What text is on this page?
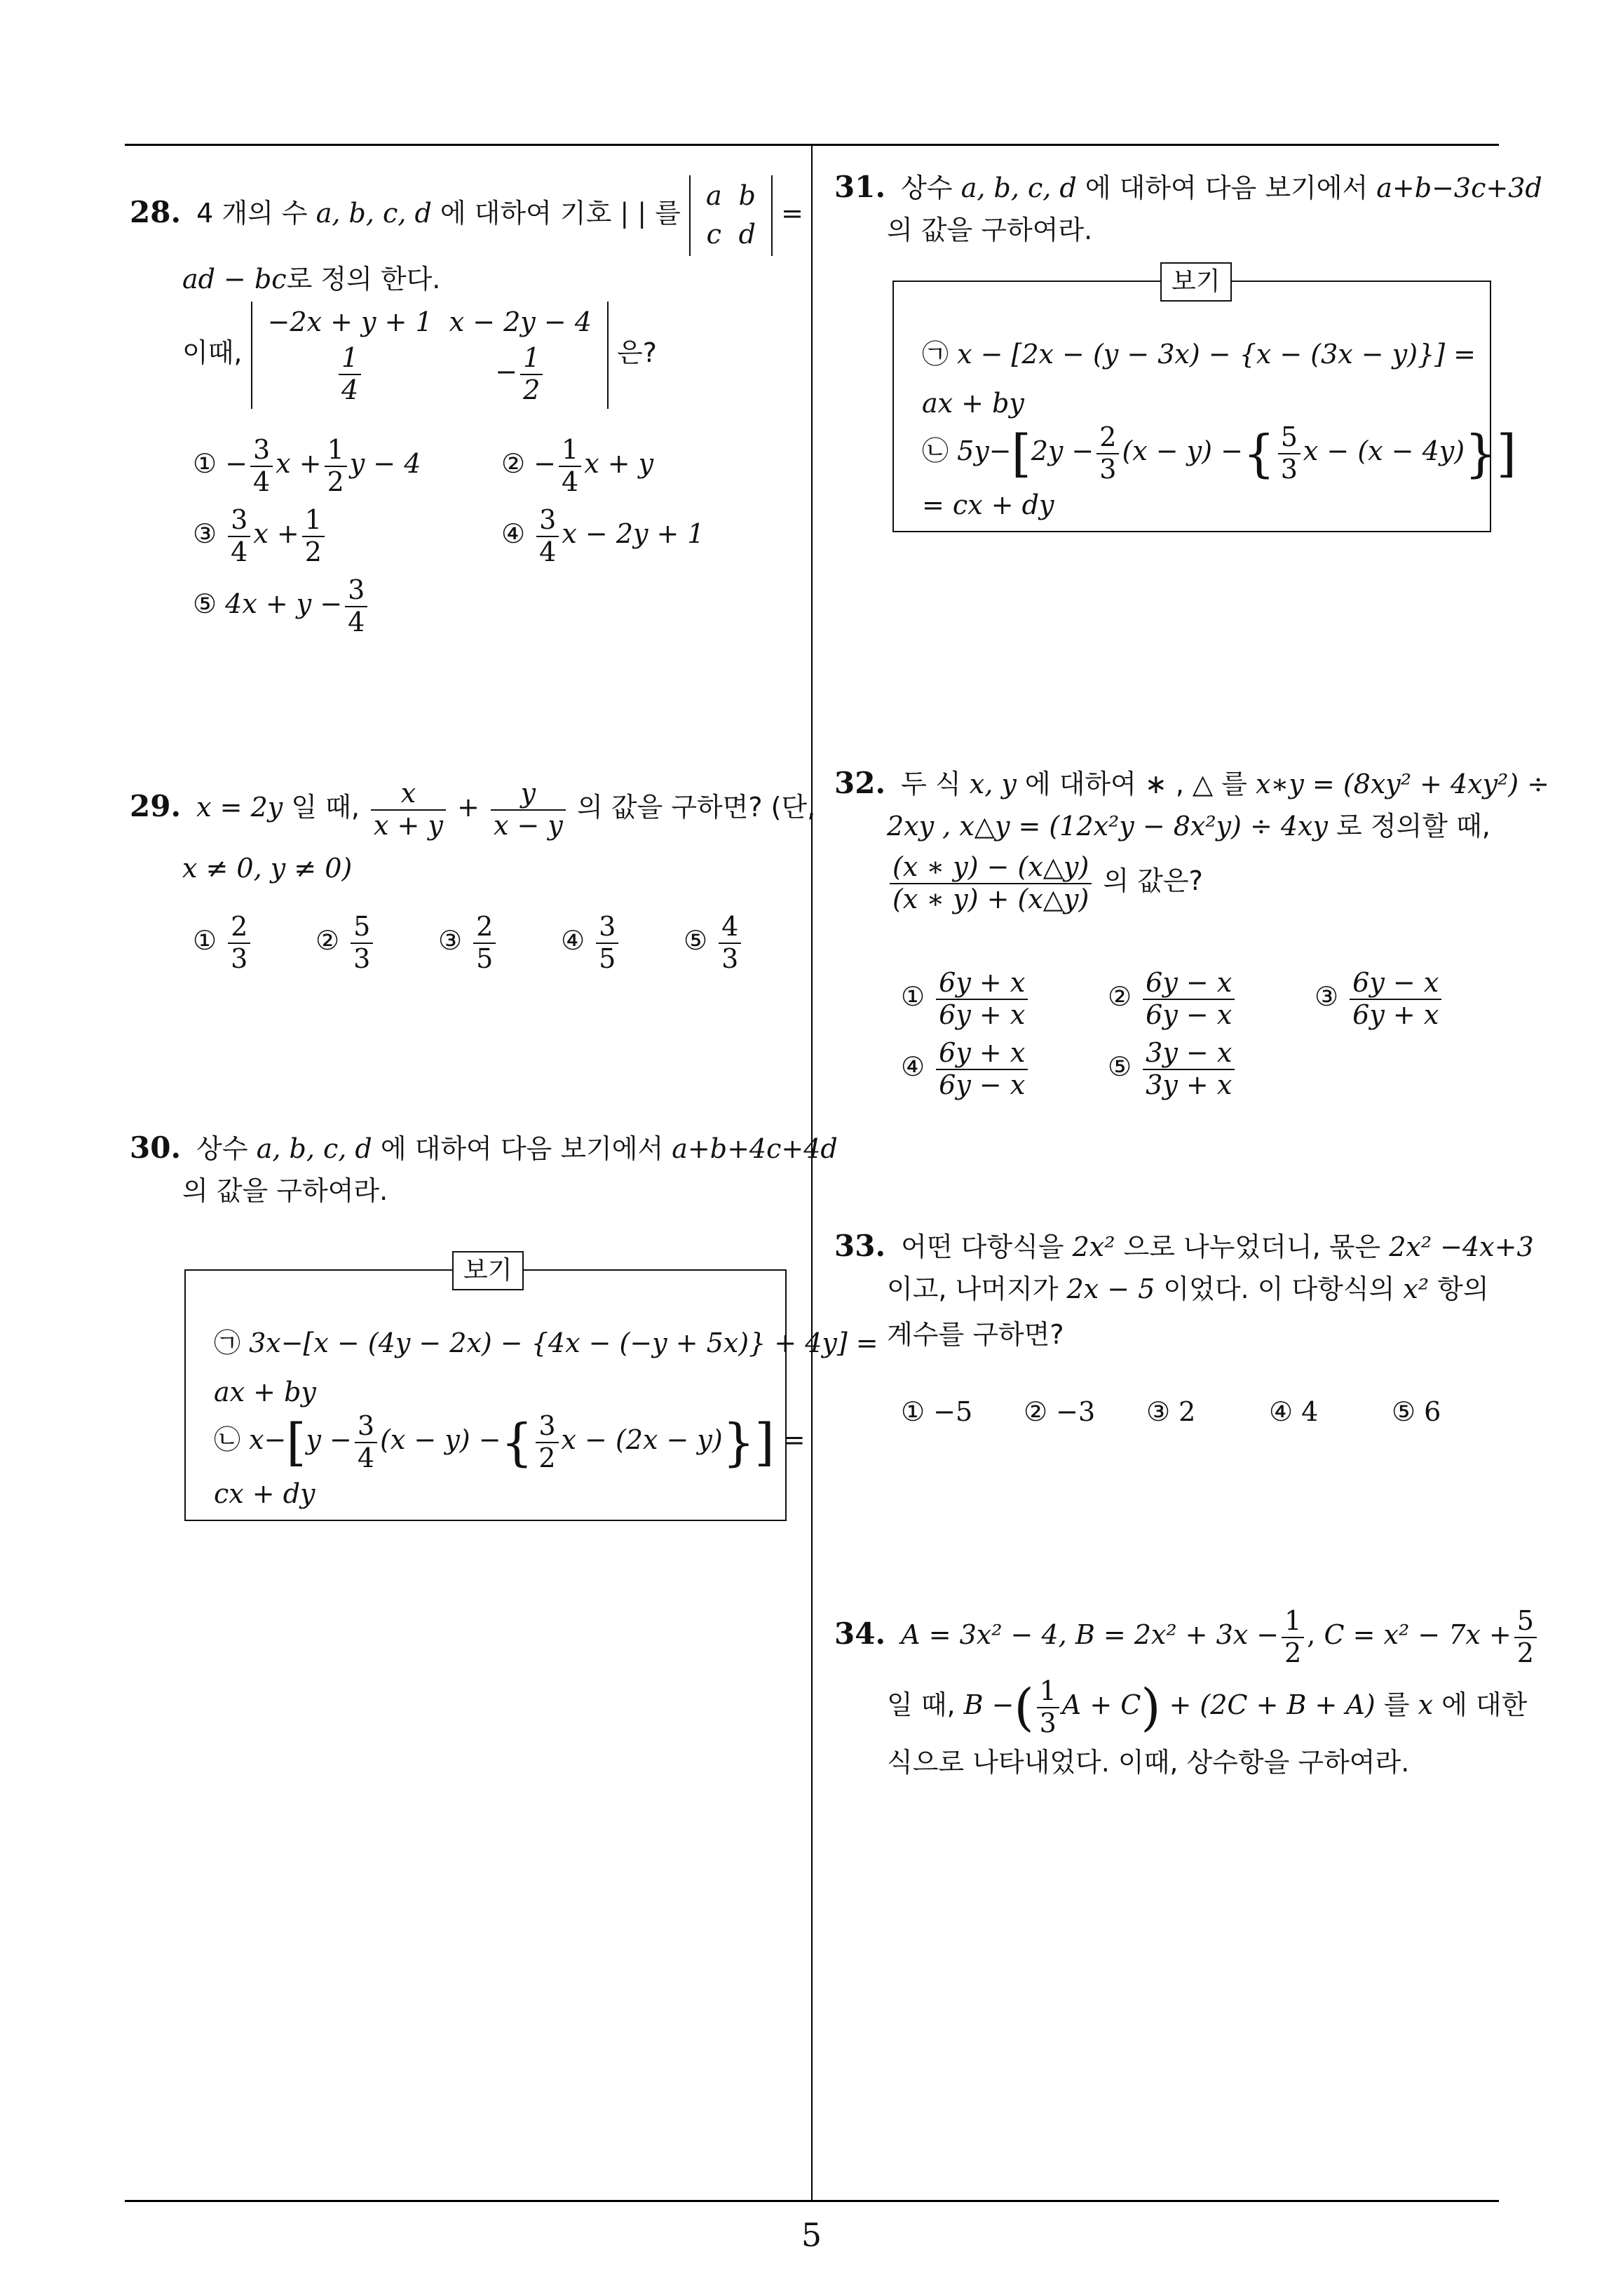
5
28. 4 개의 수 a, b, c, d 에 대하여 기호 | | 를
a	b
c	d
=
ad − bc로 정의 한다.
이때,
−2x + y + 1	x − 2y − 4

$\frac{1}{4}$	− $\frac{1}{2}$	은?
① − $\frac{3}{4}$ $x + \frac{1}{2}$ y − 4	② − $\frac{1}{4}$ x + y
③ $\frac{3}{4}$ $x + \frac{1}{2}$	④ $\frac{3}{4}$ x − 2y + 1
⑤ $4x + y - \frac{3}{4}$
29. x = 2y 일 때, $\frac{x}{x + y} + \frac{y}{x - y}$ 의 값을 구하면? (단,
x ≠ 0, y ≠ 0)
① $\frac{2}{3}$ ② $\frac{5}{3}$ ③ $\frac{2}{5}$ ④ $\frac{3}{5}$ ⑤ $\frac{4}{3}$
30. 상수 a, b, c, d 에 대하여 다음 보기에서 a+b+4c+4d
의 값을 구하여라.
보기
㉠ 3x−[x − (4y − 2x) − {4x − (−y + 5x)} + 4y] =
ax + by
㉡ $x-[y - \frac{3}{4} (x - y)$ −{ $\frac{3}{2}$ x − (2x − y)}] =
cx + dy
31. 상수 a, b, c, d 에 대하여 다음 보기에서 a+b−3c+3d
의 값을 구하여라.
보기
㉠ x − [2x − (y − 3x) − {x − (3x − y)}] =
ax + by
㉡ $5y-[2y - \frac{2}{3} (x - y)$ −{ $\frac{5}{3}$ x − (x − 4y)}]
= cx + dy
32. 두 식 x, y 에 대하여 ∗ , △ 를 x∗y = (8xy² + 4xy²) ÷
2xy , x△y = (12x²y − 8x²y) ÷ 4xy 로 정의할 때,
$\frac{(x ∗ y) - (x\triangle y)}{(x ∗ y) + (x\triangle y)}$ 의 값은?
① $\frac{6y + x}{6y + x}$	② $\frac{6y - x}{6y - x}$	③ $\frac{6y - x}{6y + x}$
④ $\frac{6y + x}{6y - x}$	⑤ $\frac{3y - x}{3y + x}$
33. 어떤 다항식을 2x² 으로 나누었더니, 몫은 2x² −4x+3
이고, 나머지가 2x − 5 이었다. 이 다항식의 x² 항의
계수를 구하면?
① −5 ② −3 ③ 2	④ 4	⑤ 6
34. A = 3x² − 4, $B = 2x^2 + 3x - \frac{1}{2}$ , $C = x^2 - 7x + \frac{5}{2}$
일 때, B −( $\frac{1}{3}$ A + C) + (2C + B + A) 를 x 에 대한
식으로 나타내었다. 이때, 상수항을 구하여라.
